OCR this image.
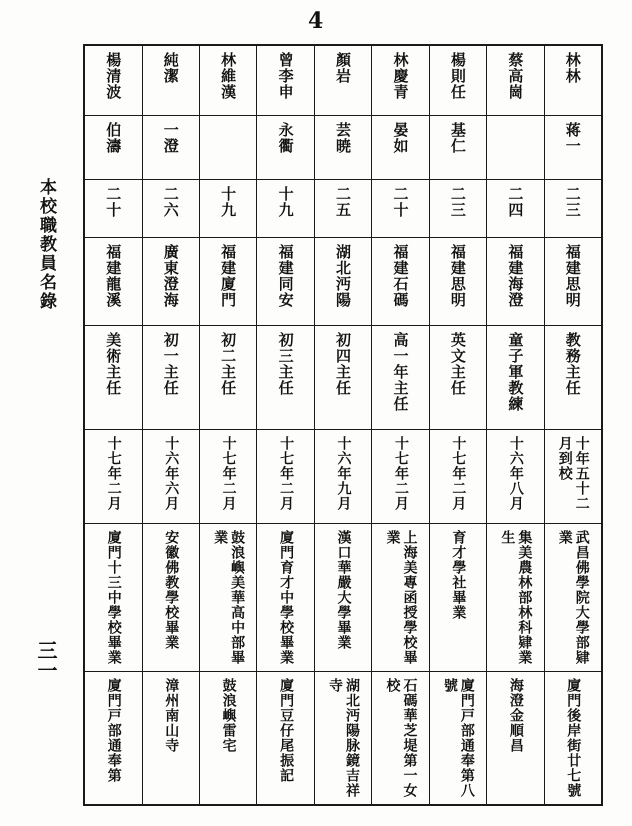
4
本校職教員名錄
三一
林林
蒋一
二三
福建思明
教務主任
十年五十二月到校
武昌佛學院大學部肄業
廈門後岸街廿七號
蔡高崗
二四
福建海澄
童子軍教練
十六年八月
集美農林部林科肄業生
海澄金順昌
楊則任
基仁
二三
福建思明
英文主任
十七年二月
育才學社畢業
廈門戸部通奉第八號
林慶青
晏如
二十
福建石碼
高一年主任
十七年二月
上海美專函授學校畢業
石碼華芝堤第一女校
顏岩
芸暁
二五
湖北沔陽
初四主任
十六年九月
漢口華嚴大學畢業
湖北沔陽脉鏡吉祥寺
曾李申
永衢
十九
福建同安
初三主任
十七年二月
廈門育才中學校畢業
廈門豆仔尾振記
林維漢
十九
福建廈門
初二主任
十七年二月
鼓浪嶼美華高中部畢業
鼓浪嶼雷宅
純潔
一澄
二六
廣東澄海
初一主任
十六年六月
安徽佛教學校畢業
漳州南山寺
楊清波
伯濤
二十
福建龍溪
美術主任
十七年二月
廈門十三中學校畢業
廈門戸部通奉第
